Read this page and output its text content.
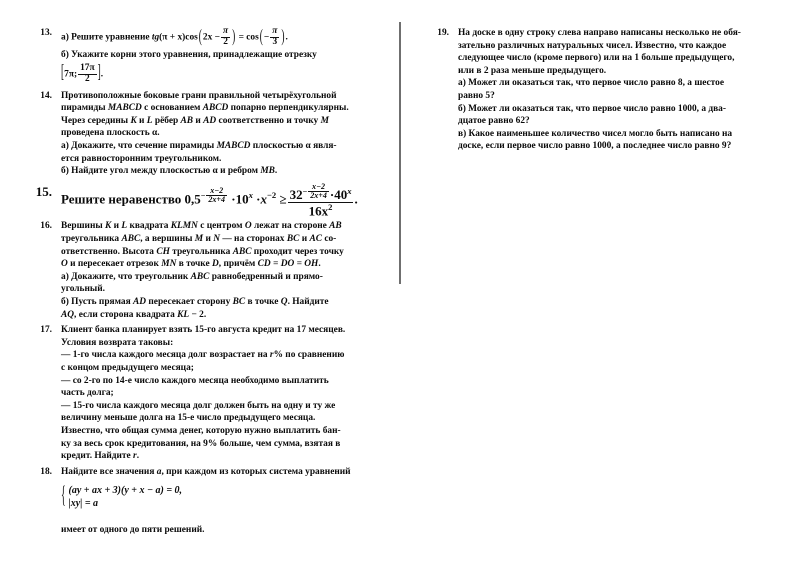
13. а) Решите уравнение $tg(\pi + x)\cos(2x - \frac{\pi}{2}$ ) = $\cos(- \frac{\pi}{3}$ ).
б) Укажите корни этого уравнения, принадлежащие отрезку
[7π; $\frac{17\pi}{2}$ ].
14. Противоположные боковые грани правильной четырёхугольной
пирамиды MABCD с основанием ABCD попарно перпендикулярны.
Через середины K и L рёбер AB и AD соответственно и точку M
проведена плоскость α.
а) Докажите, что сечение пирамиды MABCD плоскостью α явля-
ется равносторонним треугольником.
б) Найдите угол между плоскостью α и ребром MB.
15. Решите неравенство $0,5- \frac{x-2}{2x+4} \cdot 10^x \cdot x^{-2} \ge \frac{32- \frac{x-2}{2x+4} \cdot 40^x}{16x^2}$ .
16. Вершины K и L квадрата KLMN с центром O лежат на стороне AB
треугольника ABC, а вершины M и N — на сторонах BC и AC со-
ответственно. Высота CH треугольника ABC проходит через точку
O и пересекает отрезок MN в точке D, причём CD = DO = OH.
а) Докажите, что треугольник ABC равнобедренный и прямо-
угольный.
б) Пусть прямая AD пересекает сторону BC в точке Q. Найдите
AQ, если сторона квадрата KL − 2.
17. Клиент банка планирует взять 15-го августа кредит на 17 месяцев.
Условия возврата таковы:
— 1-го числа каждого месяца долг возрастает на r% по сравнению
с концом предыдущего месяца;
— со 2-го по 14-е число каждого месяца необходимо выплатить
часть долга;
— 15-го числа каждого месяца долг должен быть на одну и ту же
величину меньше долга на 15-е число предыдущего месяца.
Известно, что общая сумма денег, которую нужно выплатить бан-
ку за весь срок кредитования, на 9% больше, чем сумма, взятая в
кредит. Найдите r.
18. Найдите все значения a, при каждом из которых система уравнений
{ (ay + ax + 3)(y + x − a) = 0,
|xy| = a
имеет от одного до пяти решений.
19. На доске в одну строку слева направо написаны несколько не обя-
зательно различных натуральных чисел. Известно, что каждое
следующее число (кроме первого) или на 1 больше предыдущего,
или в 2 раза меньше предыдущего.
а) Может ли оказаться так, что первое число равно 8, а шестое
равно 5?
б) Может ли оказаться так, что первое число равно 1000, а два-
дцатое равно 62?
в) Какое наименьшее количество чисел могло быть написано на
доске, если первое число равно 1000, а последнее число равно 9?
